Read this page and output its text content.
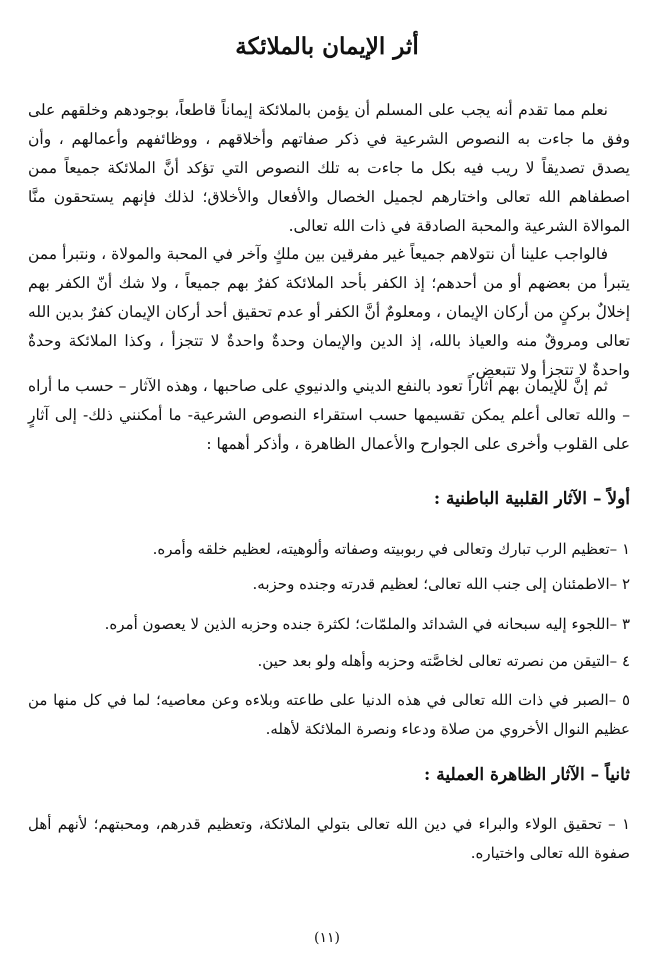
أثر الإيمان بالملائكة

نعلم مما تقدم أنه يجب على المسلم أن يؤمن بالملائكة إيماناً قاطعاً، بوجودهم وخلقهم على وفق ما جاءت به النصوص الشرعية في ذكر صفاتهم وأخلاقهم ، ووظائفهم وأعمالهم ، وأن يصدق تصديقاً لا ريب فيه بكل ما جاءت به تلك النصوص التي تؤكد أنَّ الملائكة جميعاً ممن اصطفاهم الله تعالى واختارهم لجميل الخصال والأفعال والأخلاق؛ لذلك فإنهم يستحقون منَّا الموالاة الشرعية والمحبة الصادقة في ذات الله تعالى.

فالواجب علينا أن نتولاهم جميعاً غير مفرقين بين ملكٍ وآخر في المحبة والمولاة ، ونتبرأ ممن يتبرأ من بعضهم أو من أحدهم؛ إذ الكفر بأحد الملائكة كفرٌ بهم جميعاً ، ولا شك أنّ الكفر بهم إخلالٌ بركنٍ من أركان الإيمان ، ومعلومٌ أنَّ الكفر أو عدم تحقيق أحد أركان الإيمان كفرٌ بدين الله تعالى ومروقٌ منه والعياذ بالله، إذ الدين والإيمان وحدةٌ واحدةٌ لا تتجزأ ، وكذا الملائكة وحدةٌ واحدةٌ لا تتجزأ ولا تتبعض.

ثم إنَّ للإيمان بهم آثاراً تعود بالنفع الديني والدنيوي على صاحبها ، وهذه الآثار – حسب ما أراه – والله تعالى أعلم يمكن تقسيمها حسب استقراء النصوص الشرعية- ما أمكنني ذلك- إلى آثارٍ على القلوب وأخرى على الجوارح والأعمال الظاهرة ، وأذكر أهمها :

أولاً – الآثار القلبية الباطنية :

١ –تعظيم الرب تبارك وتعالى في ربوبيته وصفاته وألوهيته، لعظيم خلقه وأمره.

٢ –الاطمئنان إلى جنب الله تعالى؛ لعظيم قدرته وجنده وحزبه.

٣ –اللجوء إليه سبحانه في الشدائد والملمّات؛ لكثرة جنده وحزبه الذين لا يعصون أمره.

٤ –التيقن من نصرته تعالى لخاصَّته وحزبه وأهله ولو بعد حين.

٥ –الصبر في ذات الله تعالى في هذه الدنيا على طاعته وبلاءه وعن معاصيه؛ لما في كل منها من عظيم النوال الأخروي من صلاة ودعاء ونصرة الملائكة لأهله.

ثانياً – الآثار الظاهرة العملية :

١ – تحقيق الولاء والبراء في دين الله تعالى بتولي الملائكة، وتعظيم قدرهم، ومحبتهم؛ لأنهم أهل صفوة الله تعالى واختياره.

(١١)
